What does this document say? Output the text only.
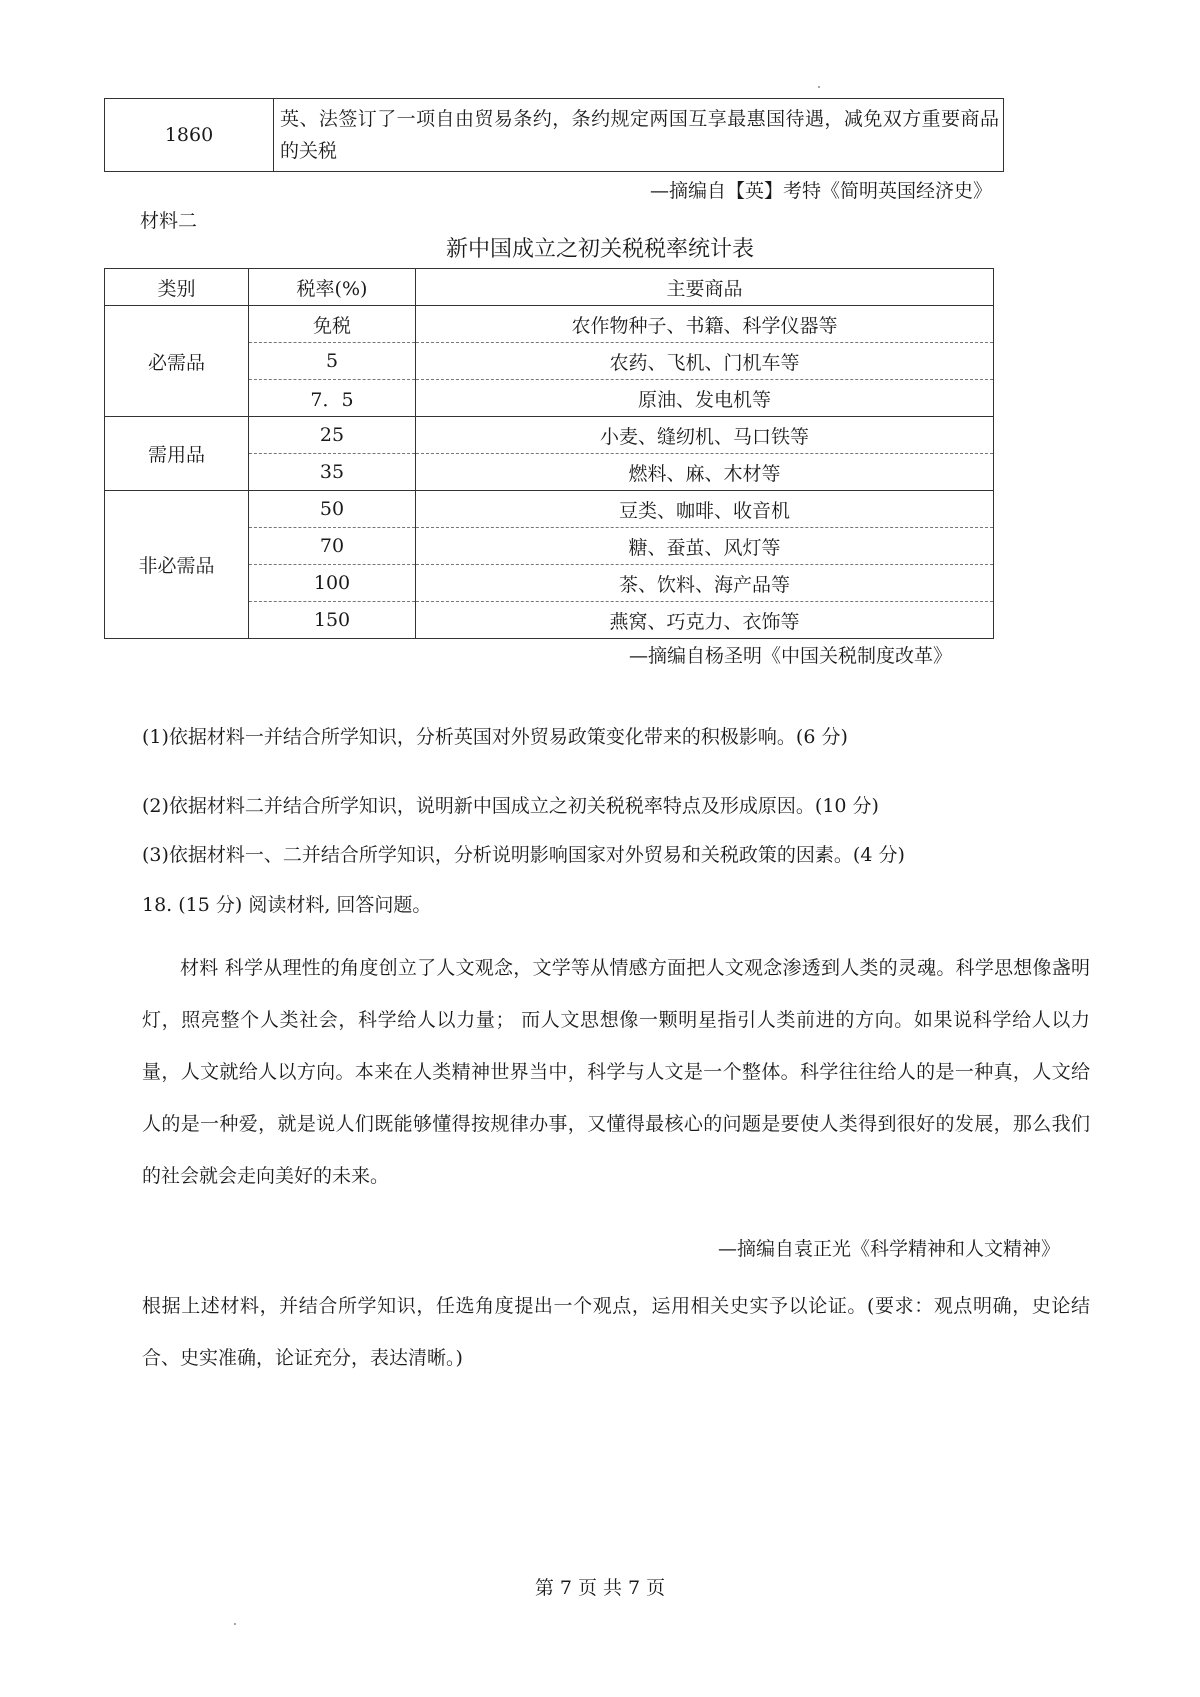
1860	英、法签订了一项自由贸易条约，条约规定两国互享最惠国待遇，减免双方重要商品的关税
—摘编自【英】考特《简明英国经济史》
材料二
新中国成立之初关税税率统计表
类别	税率(%)	主要商品
必需品	免税	农作物种子、书籍、科学仪器等
	5	农药、飞机、门机车等
	7．5	原油、发电机等
需用品	25	小麦、缝纫机、马口铁等
	35	燃料、麻、木材等
非必需品	50	豆类、咖啡、收音机
	70	糖、蚕茧、风灯等
	100	茶、饮料、海产品等
	150	燕窝、巧克力、衣饰等
—摘编自杨圣明《中国关税制度改革》
(1)依据材料一并结合所学知识，分析英国对外贸易政策变化带来的积极影响。(6 分)
(2)依据材料二并结合所学知识，说明新中国成立之初关税税率特点及形成原因。(10 分)
(3)依据材料一、二并结合所学知识，分析说明影响国家对外贸易和关税政策的因素。(4 分)
18. (15 分) 阅读材料, 回答问题。
材料 科学从理性的角度创立了人文观念，文学等从情感方面把人文观念渗透到人类的灵魂。科学思想像盏明灯，照亮整个人类社会，科学给人以力量； 而人文思想像一颗明星指引人类前进的方向。如果说科学给人以力量，人文就给人以方向。本来在人类精神世界当中，科学与人文是一个整体。科学往往给人的是一种真，人文给人的是一种爱，就是说人们既能够懂得按规律办事，又懂得最核心的问题是要使人类得到很好的发展，那么我们的社会就会走向美好的未来。
—摘编自袁正光《科学精神和人文精神》
根据上述材料，并结合所学知识，任选角度提出一个观点，运用相关史实予以论证。(要求：观点明确，史论结合、史实准确，论证充分，表达清晰。)
第 7 页 共 7 页
